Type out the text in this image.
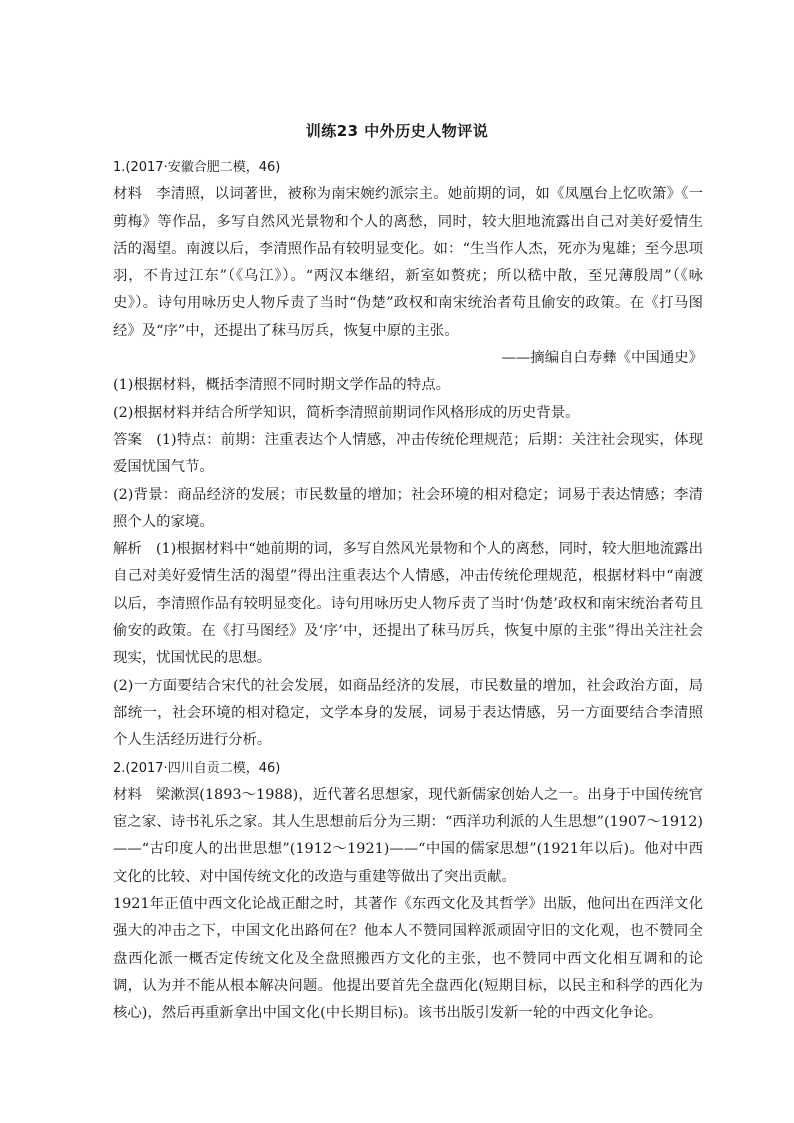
训练23 中外历史人物评说

1.(2017·安徽合肥二模，46)

材料 李清照，以词著世，被称为南宋婉约派宗主。她前期的词，如《凤凰台上忆吹箫》《一剪梅》等作品，多写自然风光景物和个人的离愁，同时，较大胆地流露出自己对美好爱情生活的渴望。南渡以后，李清照作品有较明显变化。如：“生当作人杰，死亦为鬼雄；至今思项羽，不肯过江东”（《乌江》）。“两汉本继绍，新室如赘疣；所以嵇中散，至兄薄殷周”（《咏史》）。诗句用咏历史人物斥责了当时“伪楚”政权和南宋统治者苟且偷安的政策。在《打马图经》及“序”中，还提出了秣马厉兵，恢复中原的主张。

——摘编自白寿彝《中国通史》

(1)根据材料，概括李清照不同时期文学作品的特点。

(2)根据材料并结合所学知识，简析李清照前期词作风格形成的历史背景。

答案 (1)特点：前期：注重表达个人情感，冲击传统伦理规范；后期：关注社会现实，体现爱国忧国气节。

(2)背景：商品经济的发展；市民数量的增加；社会环境的相对稳定；词易于表达情感；李清照个人的家境。

解析 (1)根据材料中“她前期的词，多写自然风光景物和个人的离愁，同时，较大胆地流露出自己对美好爱情生活的渴望”得出注重表达个人情感，冲击传统伦理规范，根据材料中“南渡以后，李清照作品有较明显变化。诗句用咏历史人物斥责了当时‘伪楚’政权和南宋统治者苟且偷安的政策。在《打马图经》及‘序’中，还提出了秣马厉兵，恢复中原的主张”得出关注社会现实，忧国忧民的思想。

(2)一方面要结合宋代的社会发展，如商品经济的发展，市民数量的增加，社会政治方面，局部统一，社会环境的相对稳定，文学本身的发展，词易于表达情感，另一方面要结合李清照个人生活经历进行分析。

2.(2017·四川自贡二模，46)

材料 梁漱溟(1893～1988)，近代著名思想家，现代新儒家创始人之一。出身于中国传统官宦之家、诗书礼乐之家。其人生思想前后分为三期：“西洋功利派的人生思想”(1907～1912)——“古印度人的出世思想”(1912～1921)——“中国的儒家思想”(1921年以后)。他对中西文化的比较、对中国传统文化的改造与重建等做出了突出贡献。

1921年正值中西文化论战正酣之时，其著作《东西文化及其哲学》出版，他问出在西洋文化强大的冲击之下，中国文化出路何在？他本人不赞同国粹派顽固守旧的文化观，也不赞同全盘西化派一概否定传统文化及全盘照搬西方文化的主张，也不赞同中西文化相互调和的论调，认为并不能从根本解决问题。他提出要首先全盘西化(短期目标，以民主和科学的西化为核心)，然后再重新拿出中国文化(中长期目标)。该书出版引发新一轮的中西文化争论。
